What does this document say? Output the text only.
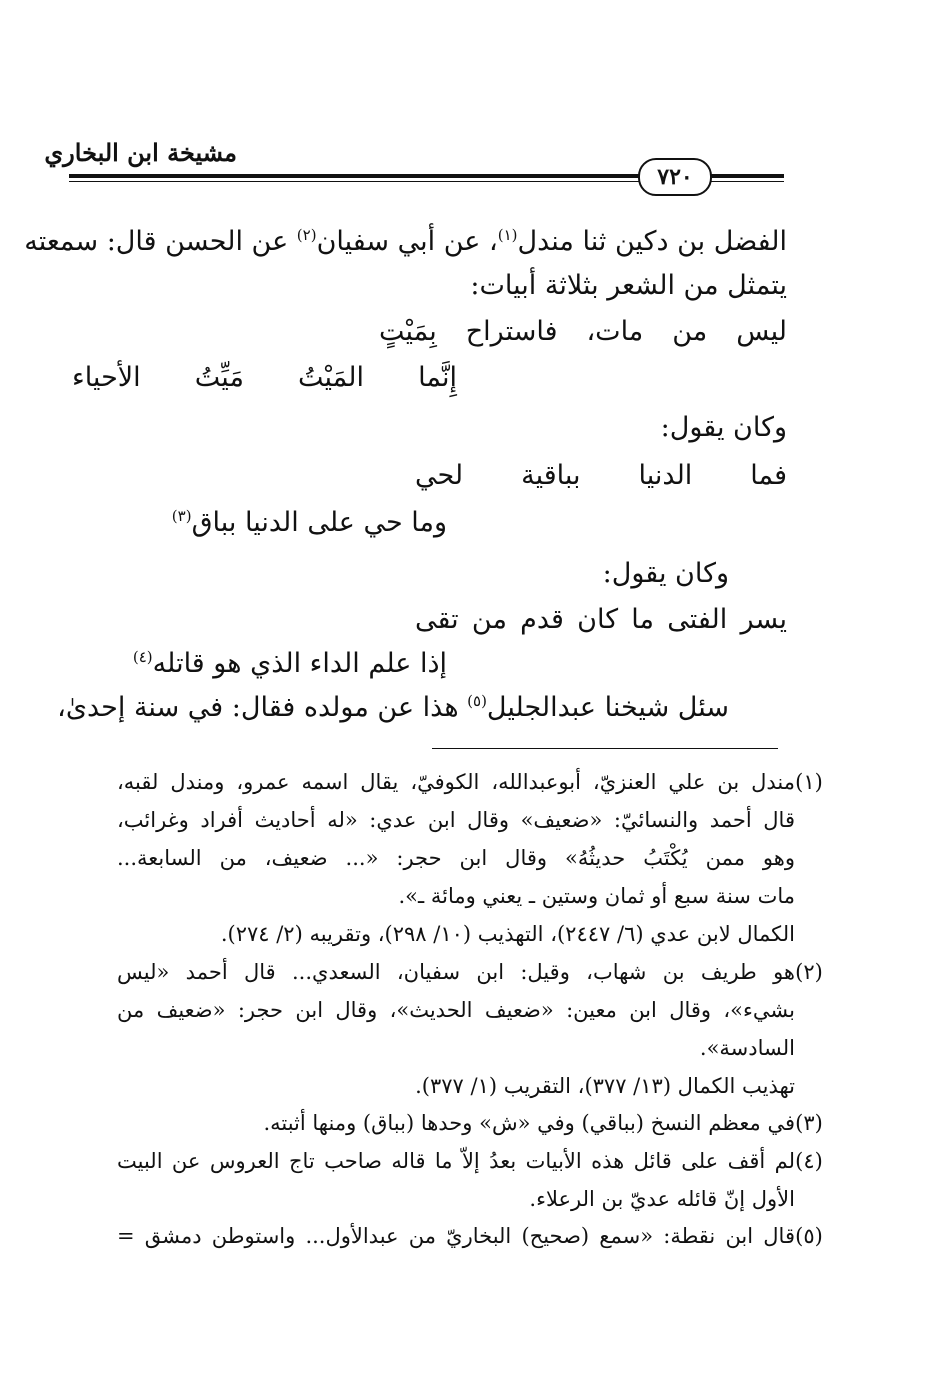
مشيخة ابن البخاري
٧٢٠
الفضل بن دكين ثنا مندل$^{(١)}$، عن أبي سفيان$^{(٢)}$ عن الحسن قال: سمعته
يتمثل من الشعر بثلاثة أبيات:
ليس من مات، فاستراح بِمَيْتٍ
إِنَّما المَيْتُ مَيِّتُ الأحياء
وكان يقول:
فما الدنيا بباقية لحي
وما حي على الدنيا بباق$^{(٣)}$
وكان يقول:
يسر الفتى ما كان قدم من تقى
إذا علم الداء الذي هو قاتله$^{(٤)}$
سئل شيخنا عبدالجليل$^{(٥)}$ هذا عن مولده فقال: في سنة إحدىٰ،
(١)
مندل بن علي العنزيّ، أبوعبدالله، الكوفيّ، يقال اسمه عمرو، ومندل لقبه،
قال أحمد والنسائيّ: «ضعيف» وقال ابن عدي: «له أحاديث أفراد وغرائب،
وهو ممن يُكْتَبُ حديثُهُ» وقال ابن حجر: «... ضعيف، من السابعة...
مات سنة سبع أو ثمان وستين ـ يعني ومائة ـ».
الكمال لابن عدي (٦/ ٢٤٤٧)، التهذيب (١٠/ ٢٩٨)، وتقريبه (٢/ ٢٧٤).
(٢)
هو طريف بن شهاب، وقيل: ابن سفيان، السعدي... قال أحمد «ليس
بشيء»، وقال ابن معين: «ضعيف الحديث»، وقال ابن حجر: «ضعيف من
السادسة».
تهذيب الكمال (١٣/ ٣٧٧)، التقريب (١/ ٣٧٧).
(٣)
في معظم النسخ (بباقي) وفي «ش» وحدها (بباق) ومنها أثبته.
(٤)
لم أقف على قائل هذه الأبيات بعدُ إلاّ ما قاله صاحب تاج العروس عن البيت
الأول إنّ قائله عديّ بن الرعلاء.
(٥)
قال ابن نقطة: «سمع (صحيح) البخاريّ من عبدالأول... واستوطن دمشق =
